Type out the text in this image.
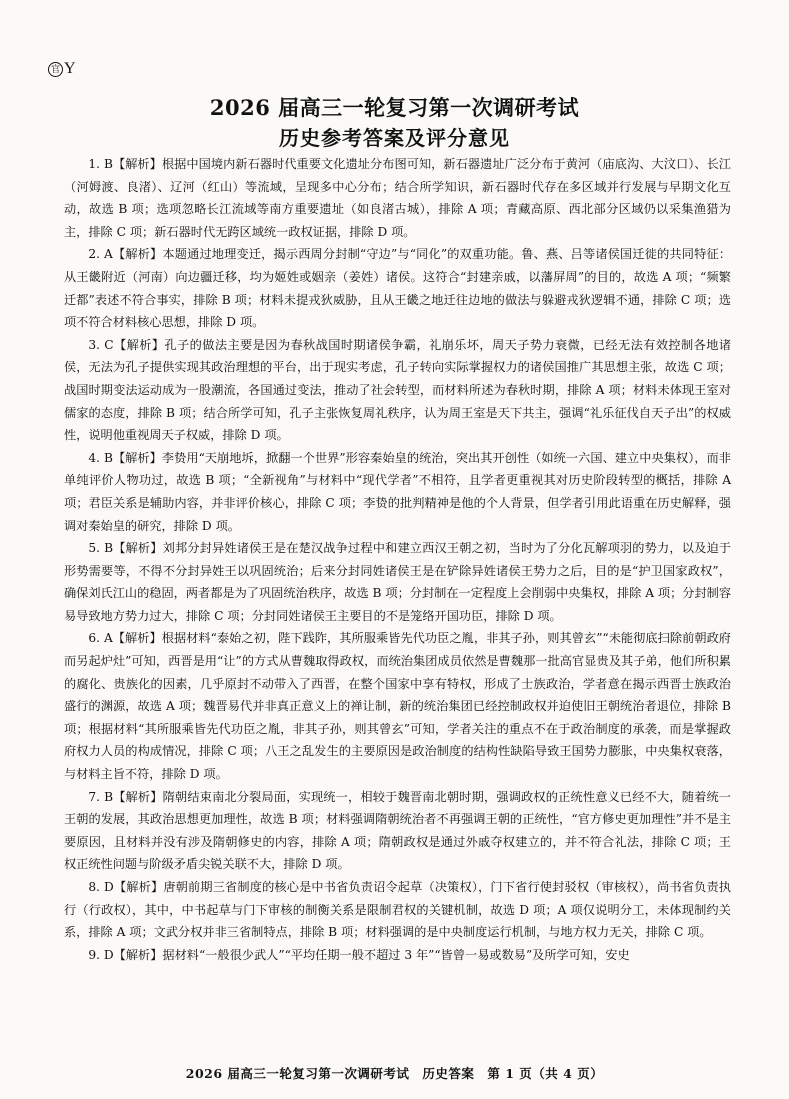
官 Y
2026 届高三一轮复习第一次调研考试
历史参考答案及评分意见

1. B【解析】根据中国境内新石器时代重要文化遗址分布图可知，新石器遗址广泛分布于黄河（庙底沟、大汶口）、长江（河姆渡、良渚）、辽河（红山）等流域，呈现多中心分布；结合所学知识，新石器时代存在多区域并行发展与早期文化互动，故选 B 项；选项忽略长江流域等南方重要遗址（如良渚古城），排除 A 项；青藏高原、西北部分区域仍以采集渔猎为主，排除 C 项；新石器时代无跨区域统一政权证据，排除 D 项。

2. A【解析】本题通过地理变迁，揭示西周分封制“守边”与“同化”的双重功能。鲁、燕、吕等诸侯国迁徙的共同特征：从王畿附近（河南）向边疆迁移，均为姬姓或姻亲（姜姓）诸侯。这符合“封建亲戚，以藩屏周”的目的，故选 A 项；“频繁迁都”表述不符合事实，排除 B 项；材料未提戎狄威胁，且从王畿之地迁往边地的做法与躲避戎狄逻辑不通，排除 C 项；选项不符合材料核心思想，排除 D 项。

3. C【解析】孔子的做法主要是因为春秋战国时期诸侯争霸，礼崩乐坏，周天子势力衰微，已经无法有效控制各地诸侯，无法为孔子提供实现其政治理想的平台，出于现实考虑，孔子转向实际掌握权力的诸侯国推广其思想主张，故选 C 项；战国时期变法运动成为一股潮流，各国通过变法，推动了社会转型，而材料所述为春秋时期，排除 A 项；材料未体现王室对儒家的态度，排除 B 项；结合所学可知，孔子主张恢复周礼秩序，认为周王室是天下共主，强调“礼乐征伐自天子出”的权威性，说明他重视周天子权威，排除 D 项。

4. B【解析】李贽用“天崩地坼，掀翻一个世界”形容秦始皇的统治，突出其开创性（如统一六国、建立中央集权），而非单纯评价人物功过，故选 B 项；“全新视角”与材料中“现代学者”不相符，且学者更重视其对历史阶段转型的概括，排除 A 项；君臣关系是辅助内容，并非评价核心，排除 C 项；李贽的批判精神是他的个人背景，但学者引用此语重在历史解释，强调对秦始皇的研究，排除 D 项。

5. B【解析】刘邦分封异姓诸侯王是在楚汉战争过程中和建立西汉王朝之初，当时为了分化瓦解项羽的势力，以及迫于形势需要等，不得不分封异姓王以巩固统治；后来分封同姓诸侯王是在铲除异姓诸侯王势力之后，目的是“护卫国家政权”，确保刘氏江山的稳固，两者都是为了巩固统治秩序，故选 B 项；分封制在一定程度上会削弱中央集权，排除 A 项；分封制容易导致地方势力过大，排除 C 项；分封同姓诸侯王主要目的不是笼络开国功臣，排除 D 项。

6. A【解析】根据材料“泰始之初，陛下践阼，其所服乘皆先代功臣之胤，非其子孙，则其曾玄”“未能彻底扫除前朝政府而另起炉灶”可知，西晋是用“让”的方式从曹魏取得政权，而统治集团成员依然是曹魏那一批高官显贵及其子弟，他们所积累的腐化、贵族化的因素，几乎原封不动带入了西晋，在整个国家中享有特权，形成了士族政治，学者意在揭示西晋士族政治盛行的渊源，故选 A 项；魏晋易代并非真正意义上的禅让制，新的统治集团已经控制政权并迫使旧王朝统治者退位，排除 B 项；根据材料“其所服乘皆先代功臣之胤，非其子孙，则其曾玄”可知，学者关注的重点不在于政治制度的承袭，而是掌握政府权力人员的构成情况，排除 C 项；八王之乱发生的主要原因是政治制度的结构性缺陷导致王国势力膨胀，中央集权衰落，与材料主旨不符，排除 D 项。

7. B【解析】隋朝结束南北分裂局面，实现统一，相较于魏晋南北朝时期，强调政权的正统性意义已经不大，随着统一王朝的发展，其政治思想更加理性，故选 B 项；材料强调隋朝统治者不再强调王朝的正统性，“官方修史更加理性”并不是主要原因，且材料并没有涉及隋朝修史的内容，排除 A 项；隋朝政权是通过外戚夺权建立的，并不符合礼法，排除 C 项；王权正统性问题与阶级矛盾尖锐关联不大，排除 D 项。

8. D【解析】唐朝前期三省制度的核心是中书省负责诏令起草（决策权），门下省行使封驳权（审核权），尚书省负责执行（行政权），其中，中书起草与门下审核的制衡关系是限制君权的关键机制，故选 D 项；A 项仅说明分工，未体现制约关系，排除 A 项；文武分权并非三省制特点，排除 B 项；材料强调的是中央制度运行机制，与地方权力无关，排除 C 项。

9. D【解析】据材料“一般很少武人”“平均任期一般不超过 3 年”“皆曾一易或数易”及所学可知，安史

2026 届高三一轮复习第一次调研考试　历史答案　第 1 页（共 4 页）
